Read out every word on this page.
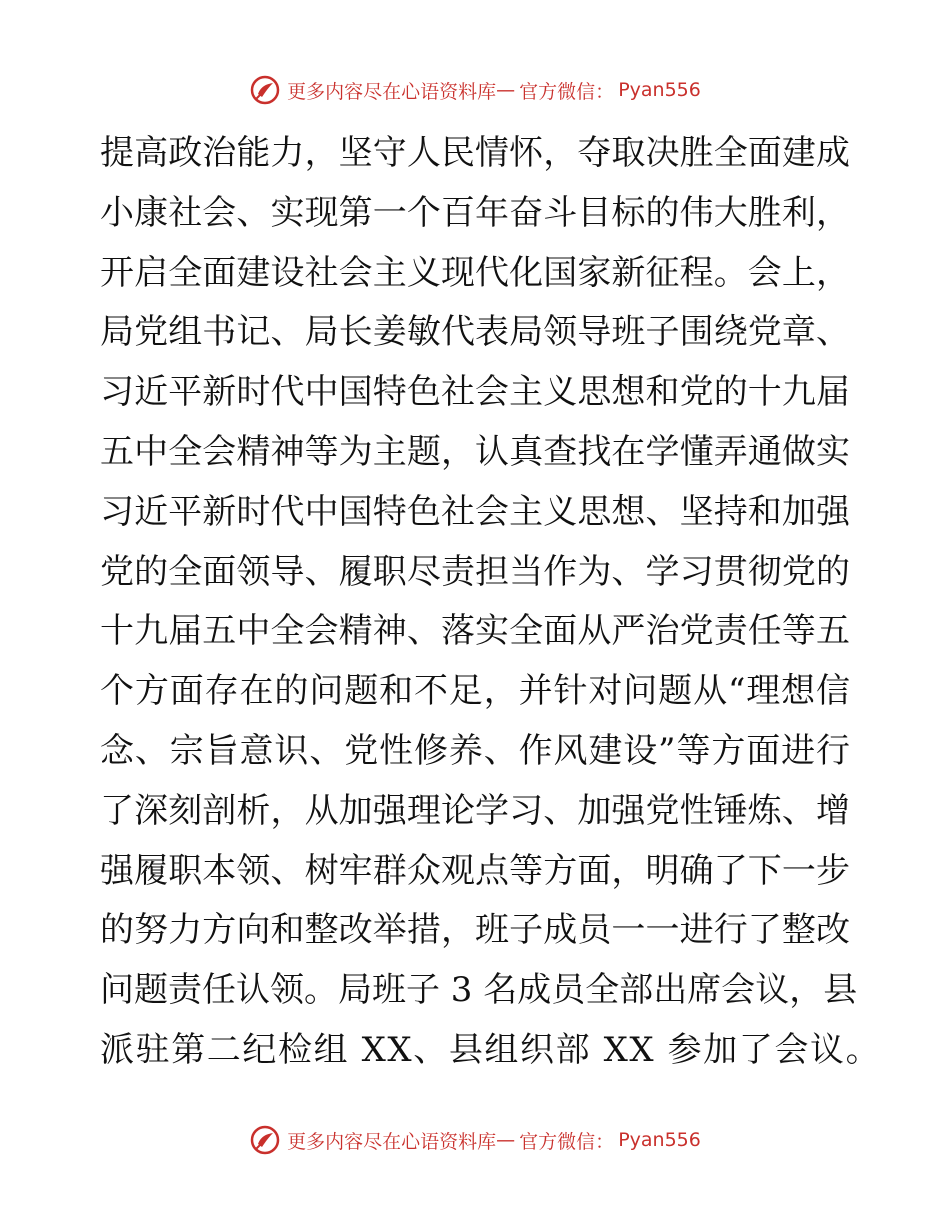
更多内容尽在心语资料库 — 官方微信： Pyan556
提高政治能力，坚守人民情怀，夺取决胜全面建成
小康社会、实现第一个百年奋斗目标的伟大胜利，
开启全面建设社会主义现代化国家新征程。会上，
局党组书记、局长姜敏代表局领导班子围绕党章、
习近平新时代中国特色社会主义思想和党的十九届
五中全会精神等为主题，认真查找在学懂弄通做实
习近平新时代中国特色社会主义思想、坚持和加强
党的全面领导、履职尽责担当作为、学习贯彻党的
十九届五中全会精神、落实全面从严治党责任等五
个方面存在的问题和不足，并针对问题从“理想信
念、宗旨意识、党性修养、作风建设”等方面进行
了深刻剖析，从加强理论学习、加强党性锤炼、增
强履职本领、树牢群众观点等方面，明确了下一步
的努力方向和整改举措，班子成员一一进行了整改
问题责任认领。局班子 3 名成员全部出席会议，县
派驻第二纪检组 XX、县组织部 XX 参加了会议。
更多内容尽在心语资料库 — 官方微信： Pyan556
